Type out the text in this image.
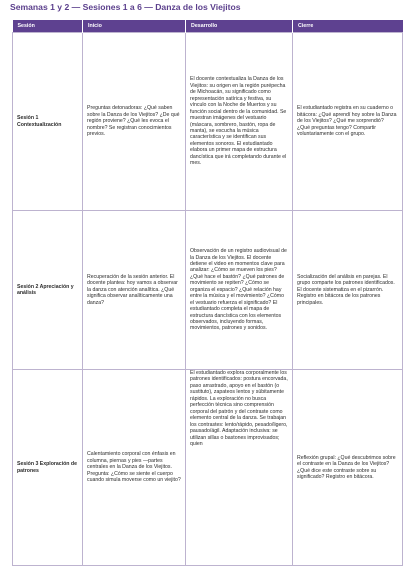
Semanas 1 y 2 — Sesiones 1 a 6 — Danza de los Viejitos
Sesión	Inicio	Desarrollo	Cierre
Sesión 1 Contextualización	Preguntas detonadoras: ¿Qué saben sobre la Danza de los Viejitos? ¿De qué región proviene? ¿Qué les evoca el nombre? Se registran conocimientos previos.	El docente contextualiza la Danza de los Viejitos: su origen en la región purépecha de Michoacán, su significado como representación satírica y festiva, su vínculo con la Noche de Muertos y su función social dentro de la comunidad. Se muestran imágenes del vestuario (máscara, sombrero, bastón, ropa de manta), se escucha la música característica y se identifican sus elementos sonoros. El estudiantado elabora un primer mapa de estructura dancística que irá completando durante el mes.	El estudiantado registra en su cuaderno o bitácora: ¿Qué aprendí hoy sobre la Danza de los Viejitos? ¿Qué me sorprendió? ¿Qué preguntas tengo? Compartir voluntariamente con el grupo.
Sesión 2 Apreciación y análisis	Recuperación de la sesión anterior. El docente plantea: hoy vamos a observar la danza con atención analítica. ¿Qué significa observar analíticamente una danza?	Observación de un registro audiovisual de la Danza de los Viejitos. El docente detiene el video en momentos clave para analizar: ¿Cómo se mueven los pies? ¿Qué hace el bastón? ¿Qué patrones de movimiento se repiten? ¿Cómo se organiza el espacio? ¿Qué relación hay entre la música y el movimiento? ¿Cómo el vestuario refuerza el significado? El estudiantado completa el mapa de estructura dancística con los elementos observados, incluyendo formas, movimientos, patrones y sonidos.	Socialización del análisis en parejas. El grupo comparte los patrones identificados. El docente sistematiza en el pizarrón. Registro en bitácora de los patrones principales.
Sesión 3 Exploración de patrones	Calentamiento corporal con énfasis en columna, piernas y pies —partes centrales en la Danza de los Viejitos. Pregunta: ¿Cómo se siente el cuerpo cuando simula moverse como un viejito?	El estudiantado explora corporalmente los patrones identificados: postura encorvada, paso arrastrado, apoyo en el bastón (o sustituto), zapateos lentos y súbitamente rápidos. La exploración no busca perfección técnica sino comprensión corporal del patrón y del contraste como elemento central de la danza. Se trabajan los contrastes: lento/rápido, pesado/ligero, pausado/ágil. Adaptación inclusiva: se utilizan sillas o bastones improvisados; quien	Reflexión grupal: ¿Qué descubrimos sobre el contraste en la Danza de los Viejitos? ¿Qué dice este contraste sobre su significado? Registro en bitácora.
